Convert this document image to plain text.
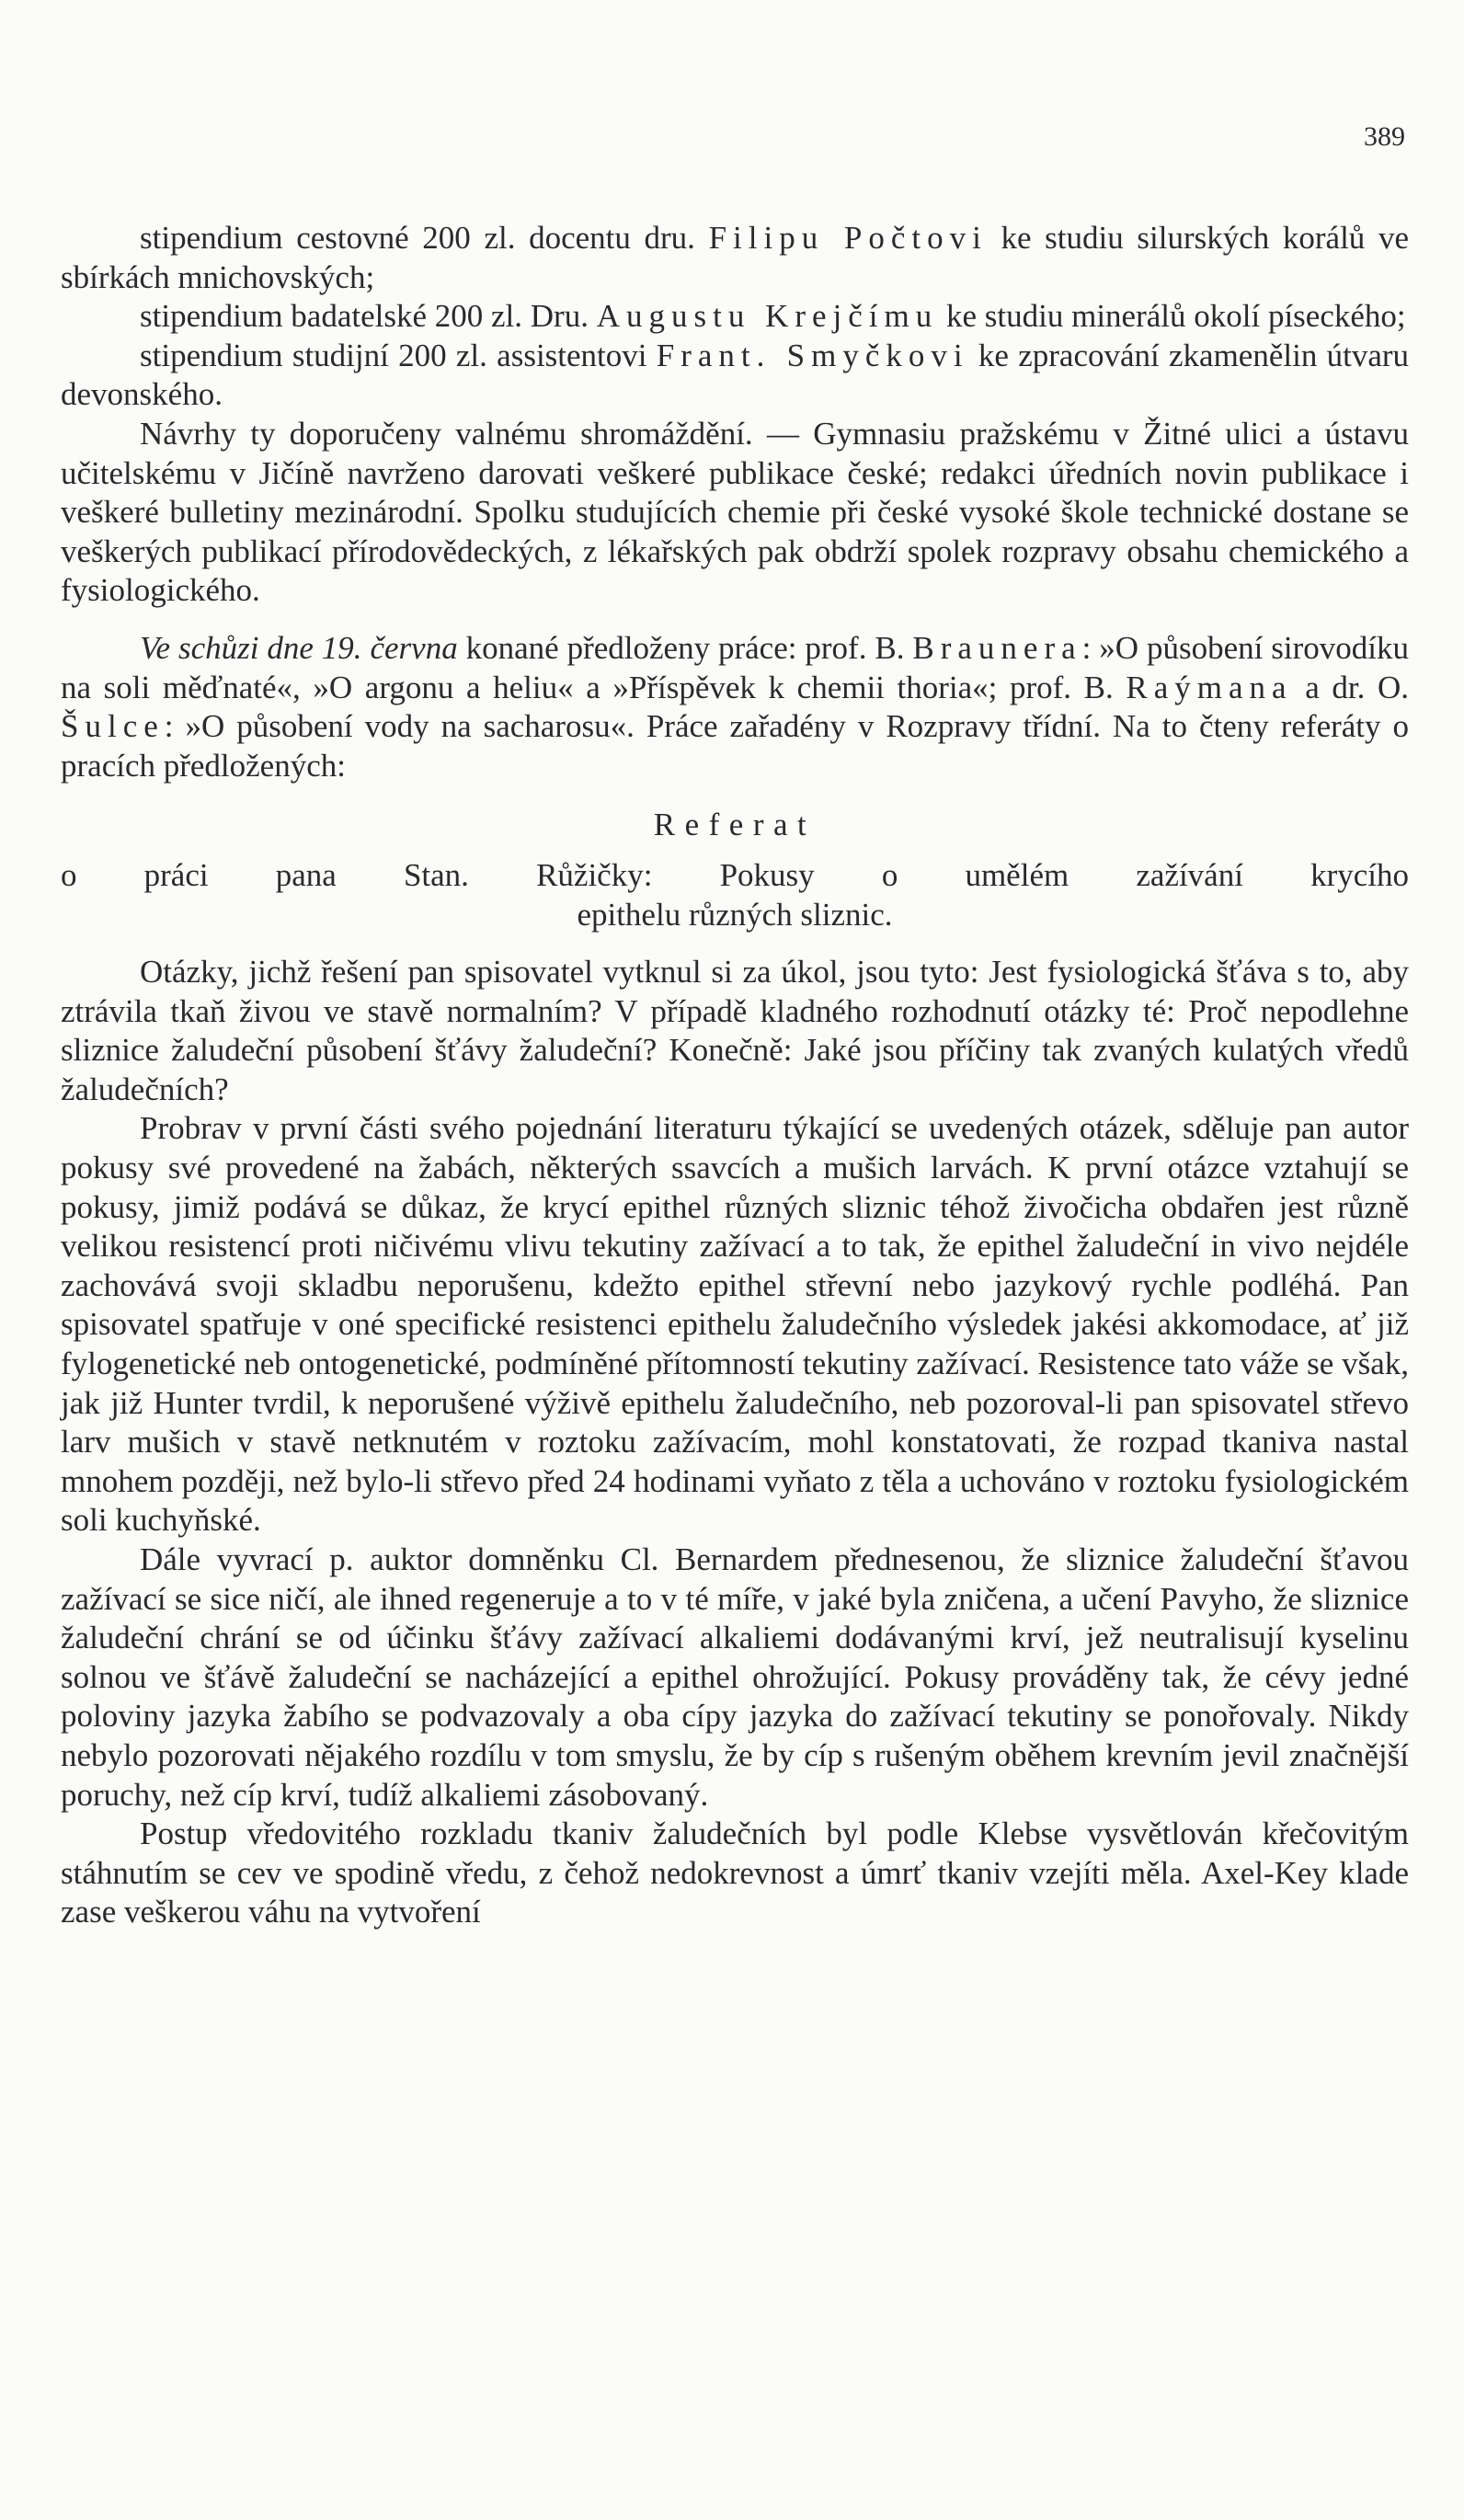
389

stipendium cestovné 200 zl. docentu dru. Filipu Počtovi ke studiu silurských korálů ve sbírkách mnichovských;

stipendium badatelské 200 zl. Dru. Augustu Krejčímu ke studiu minerálů okolí píseckého;

stipendium studijní 200 zl. assistentovi Frant. Smyčkovi ke zpracování zkamenělin útvaru devonského.

Návrhy ty doporučeny valnému shromáždění. — Gymnasiu pražskému v Žitné ulici a ústavu učitelskému v Jičíně navrženo darovati veškeré publikace české; redakci úředních novin publikace i veškeré bulletiny mezinárodní. Spolku studujících chemie při české vysoké škole technické dostane se veškerých publikací přírodovědeckých, z lékařských pak obdrží spolek rozpravy obsahu chemického a fysiologického.

Ve schůzi dne 19. června konané předloženy práce: prof. B. Braunera: »O působení sirovodíku na soli měďnaté«, »O argonu a heliu« a »Příspěvek k chemii thoria«; prof. B. Raýmana a dr. O. Šulce: »O působení vody na sacharosu«. Práce zařadény v Rozpravy třídní. Na to čteny referáty o pracích předložených:

Referat

o práci pana Stan. Růžičky: Pokusy o umělém zažívání krycího

epithelu různých sliznic.

Otázky, jichž řešení pan spisovatel vytknul si za úkol, jsou tyto: Jest fysiologická šťáva s to, aby ztrávila tkaň živou ve stavě normalním? V případě kladného rozhodnutí otázky té: Proč nepodlehne sliznice žaludeční působení šťávy žaludeční? Konečně: Jaké jsou příčiny tak zvaných kulatých vředů žaludečních?

Probrav v první části svého pojednání literaturu týkající se uvedených otázek, sděluje pan autor pokusy své provedené na žabách, některých ssavcích a mušich larvách. K první otázce vztahují se pokusy, jimiž podává se důkaz, že krycí epithel různých sliznic téhož živočicha obdařen jest různě velikou resistencí proti ničivému vlivu tekutiny zažívací a to tak, že epithel žaludeční in vivo nejdéle zachovává svoji skladbu neporušenu, kdežto epithel střevní nebo jazykový rychle podléhá. Pan spisovatel spatřuje v oné specifické resistenci epithelu žaludečního výsledek jakési akkomodace, ať již fylogenetické neb ontogenetické, podmíněné přítomností tekutiny zažívací. Resistence tato váže se však, jak již Hunter tvrdil, k neporušené výživě epithelu žaludečního, neb pozoroval-li pan spisovatel střevo larv mušich v stavě netknutém v roztoku zažívacím, mohl konstatovati, že rozpad tkaniva nastal mnohem později, než bylo-li střevo před 24 hodinami vyňato z těla a uchováno v roztoku fysiologickém soli kuchyňské.

Dále vyvrací p. auktor domněnku Cl. Bernardem přednesenou, že sliznice žaludeční šťavou zažívací se sice ničí, ale ihned regeneruje a to v té míře, v jaké byla zničena, a učení Pavyho, že sliznice žaludeční chrání se od účinku šťávy zažívací alkaliemi dodávanými krví, jež neutralisují kyselinu solnou ve šťávě žaludeční se nacházející a epithel ohrožující. Pokusy prováděny tak, že cévy jedné poloviny jazyka žabího se podvazovaly a oba cípy jazyka do zažívací tekutiny se ponořovaly. Nikdy nebylo pozorovati nějakého rozdílu v tom smyslu, že by cíp s rušeným oběhem krevním jevil značnější poruchy, než cíp krví, tudíž alkaliemi zásobovaný.

Postup vředovitého rozkladu tkaniv žaludečních byl podle Klebse vysvětlován křečovitým stáhnutím se cev ve spodině vředu, z čehož nedokrevnost a úmrť tkaniv vzejíti měla. Axel-Key klade zase veškerou váhu na vytvoření
